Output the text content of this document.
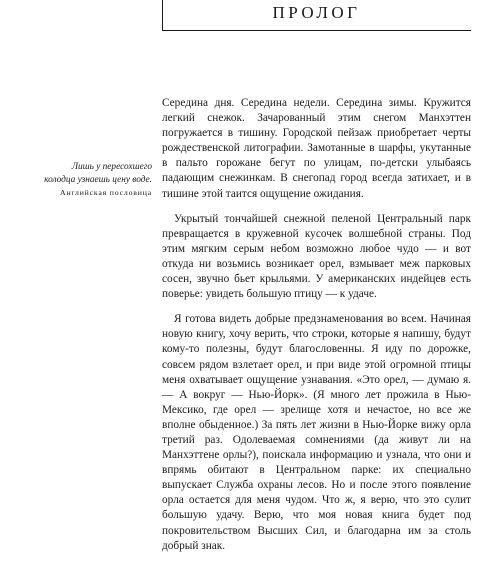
ПРОЛОГ
Лишь у пересохшего
колодца узнаешь цену воде.
Английская пословица

Середина дня. Середина недели. Середина зимы. Кружится легкий снежок. Зачарованный этим снегом Манхэттен погружается в тишину. Городской пейзаж приобретает черты рождественской литографии. Замотанные в шарфы, укутанные в пальто горожане бегут по улицам, по-детски улыбаясь падающим снежинкам. В снегопад город всегда затихает, и в тишине этой таится ощущение ожидания.

Укрытый тончайшей снежной пеленой Центральный парк превращается в кружевной кусочек волшебной страны. Под этим мягким серым небом возможно любое чудо — и вот откуда ни возьмись возникает орел, взмывает меж парковых сосен, звучно бьет крыльями. У американских индейцев есть поверье: увидеть большую птицу — к удаче.

Я готова видеть добрые предзнаменования во всем. Начиная новую книгу, хочу верить, что строки, которые я напишу, будут кому-то полезны, будут благословенны. Я иду по дорожке, совсем рядом взлетает орел, и при виде этой огромной птицы меня охватывает ощущение узнавания. «Это орел, — думаю я. — А вокруг — Нью-Йорк». (Я много лет прожила в Нью-Мексико, где орел — зрелище хотя и нечастое, но все же вполне обыденное.) За пять лет жизни в Нью-Йорке вижу орла третий раз. Одолеваемая сомнениями (да живут ли на Манхэттене орлы?), поискала информацию и узнала, что они и впрямь обитают в Центральном парке: их специально выпускает Служба охраны лесов. Но и после этого появление орла остается для меня чудом. Что ж, я верю, что это сулит большую удачу. Верю, что моя новая книга будет под покровительством Высших Сил, и благодарна им за столь добрый знак.
